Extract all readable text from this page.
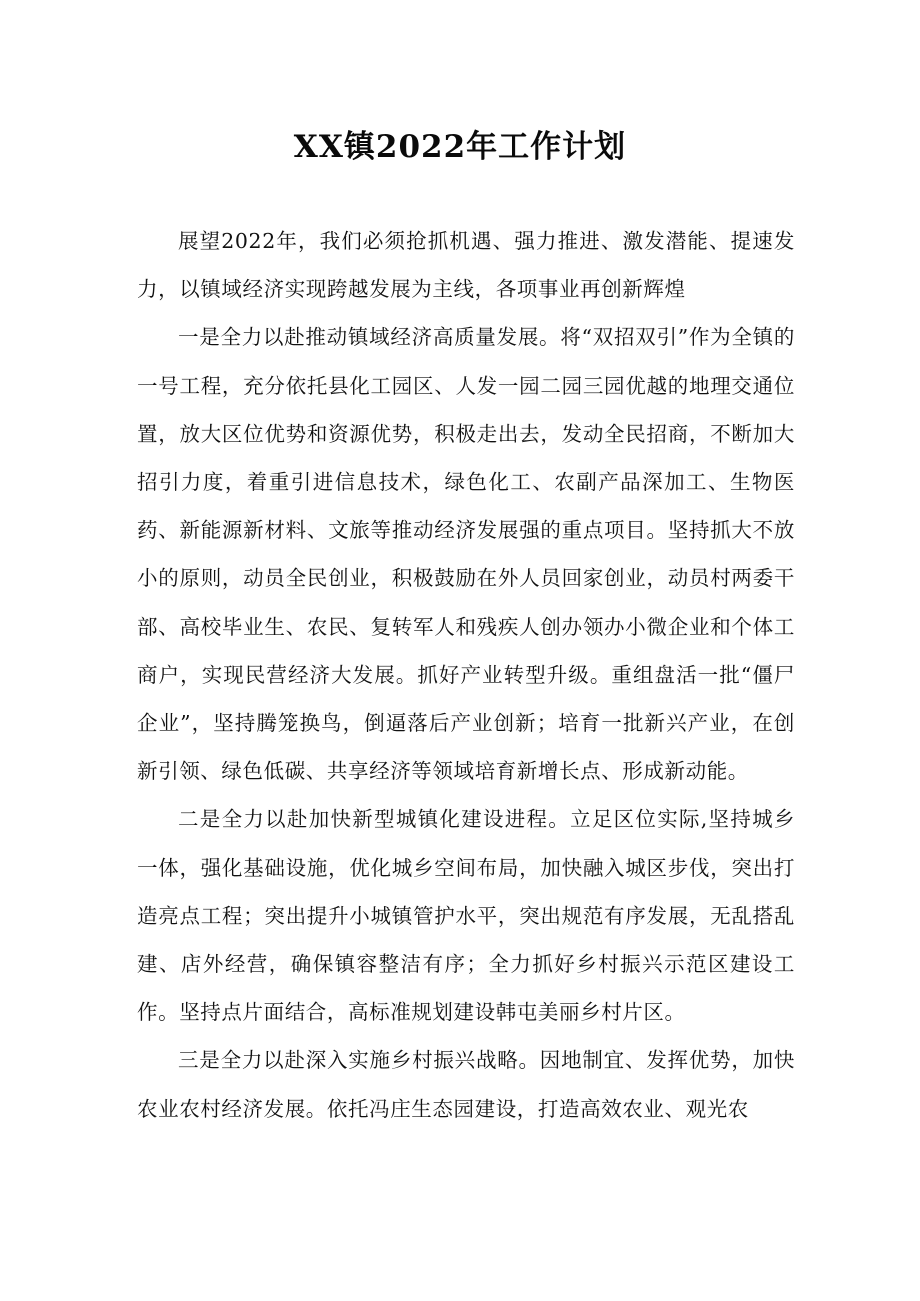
XX镇2022年工作计划

展望2022年，我们必须抢抓机遇、强力推进、激发潜能、提速发力，以镇域经济实现跨越发展为主线，各项事业再创新辉煌

一是全力以赴推动镇域经济高质量发展。将“双招双引”作为全镇的一号工程，充分依托县化工园区、人发一园二园三园优越的地理交通位置，放大区位优势和资源优势，积极走出去，发动全民招商，不断加大招引力度，着重引进信息技术，绿色化工、农副产品深加工、生物医药、新能源新材料、文旅等推动经济发展强的重点项目。坚持抓大不放小的原则，动员全民创业，积极鼓励在外人员回家创业，动员村两委干部、高校毕业生、农民、复转军人和残疾人创办领办小微企业和个体工商户，实现民营经济大发展。抓好产业转型升级。重组盘活一批“僵尸企业”，坚持腾笼换鸟，倒逼落后产业创新；培育一批新兴产业，在创新引领、绿色低碳、共享经济等领域培育新增长点、形成新动能。

二是全力以赴加快新型城镇化建设进程。立足区位实际,坚持城乡一体，强化基础设施，优化城乡空间布局，加快融入城区步伐，突出打造亮点工程；突出提升小城镇管护水平，突出规范有序发展，无乱搭乱建、店外经营，确保镇容整洁有序；全力抓好乡村振兴示范区建设工作。坚持点片面结合，高标准规划建设韩屯美丽乡村片区。

三是全力以赴深入实施乡村振兴战略。因地制宜、发挥优势，加快农业农村经济发展。依托冯庄生态园建设，打造高效农业、观光农
